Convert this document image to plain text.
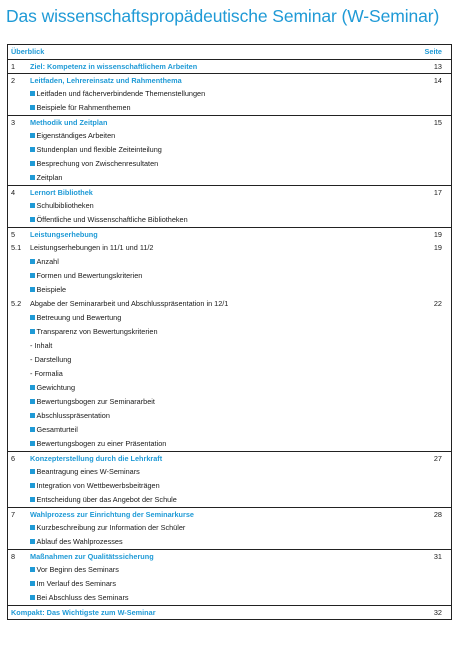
Das wissenschaftspropädeutische Seminar (W-Seminar)
Überblick	Seite
1	Ziel: Kompetenz in wissenschaftlichem Arbeiten	13
2	Leitfaden, Lehrereinsatz und Rahmenthema	14
Leitfaden und fächerverbindende Themenstellungen
Beispiele für Rahmenthemen
3	Methodik und Zeitplan	15
Eigenständiges Arbeiten
Stundenplan und flexible Zeiteinteilung
Besprechung von Zwischenresultaten
Zeitplan
4	Lernort Bibliothek	17
Schulbibliotheken
Öffentliche und Wissenschaftliche Bibliotheken
5	Leistungserhebung	19
5.1	Leistungserhebungen in 11/1 und 11/2	19
Anzahl
Formen und Bewertungskriterien
Beispiele
5.2	Abgabe der Seminararbeit und Abschlusspräsentation in 12/1	22
Betreuung und Bewertung
Transparenz von Bewertungskriterien
- Inhalt
- Darstellung
- Formalia
Gewichtung
Bewertungsbogen zur Seminararbeit
Abschlusspräsentation
Gesamturteil
Bewertungsbogen zu einer Präsentation
6	Konzepterstellung durch die Lehrkraft	27
Beantragung eines W-Seminars
Integration von Wettbewerbsbeiträgen
Entscheidung über das Angebot der Schule
7	Wahlprozess zur Einrichtung der Seminarkurse	28
Kurzbeschreibung zur Information der Schüler
Ablauf des Wahlprozesses
8	Maßnahmen zur Qualitätssicherung	31
Vor Beginn des Seminars
Im Verlauf des Seminars
Bei Abschluss des Seminars
Kompakt: Das Wichtigste zum W-Seminar	32
